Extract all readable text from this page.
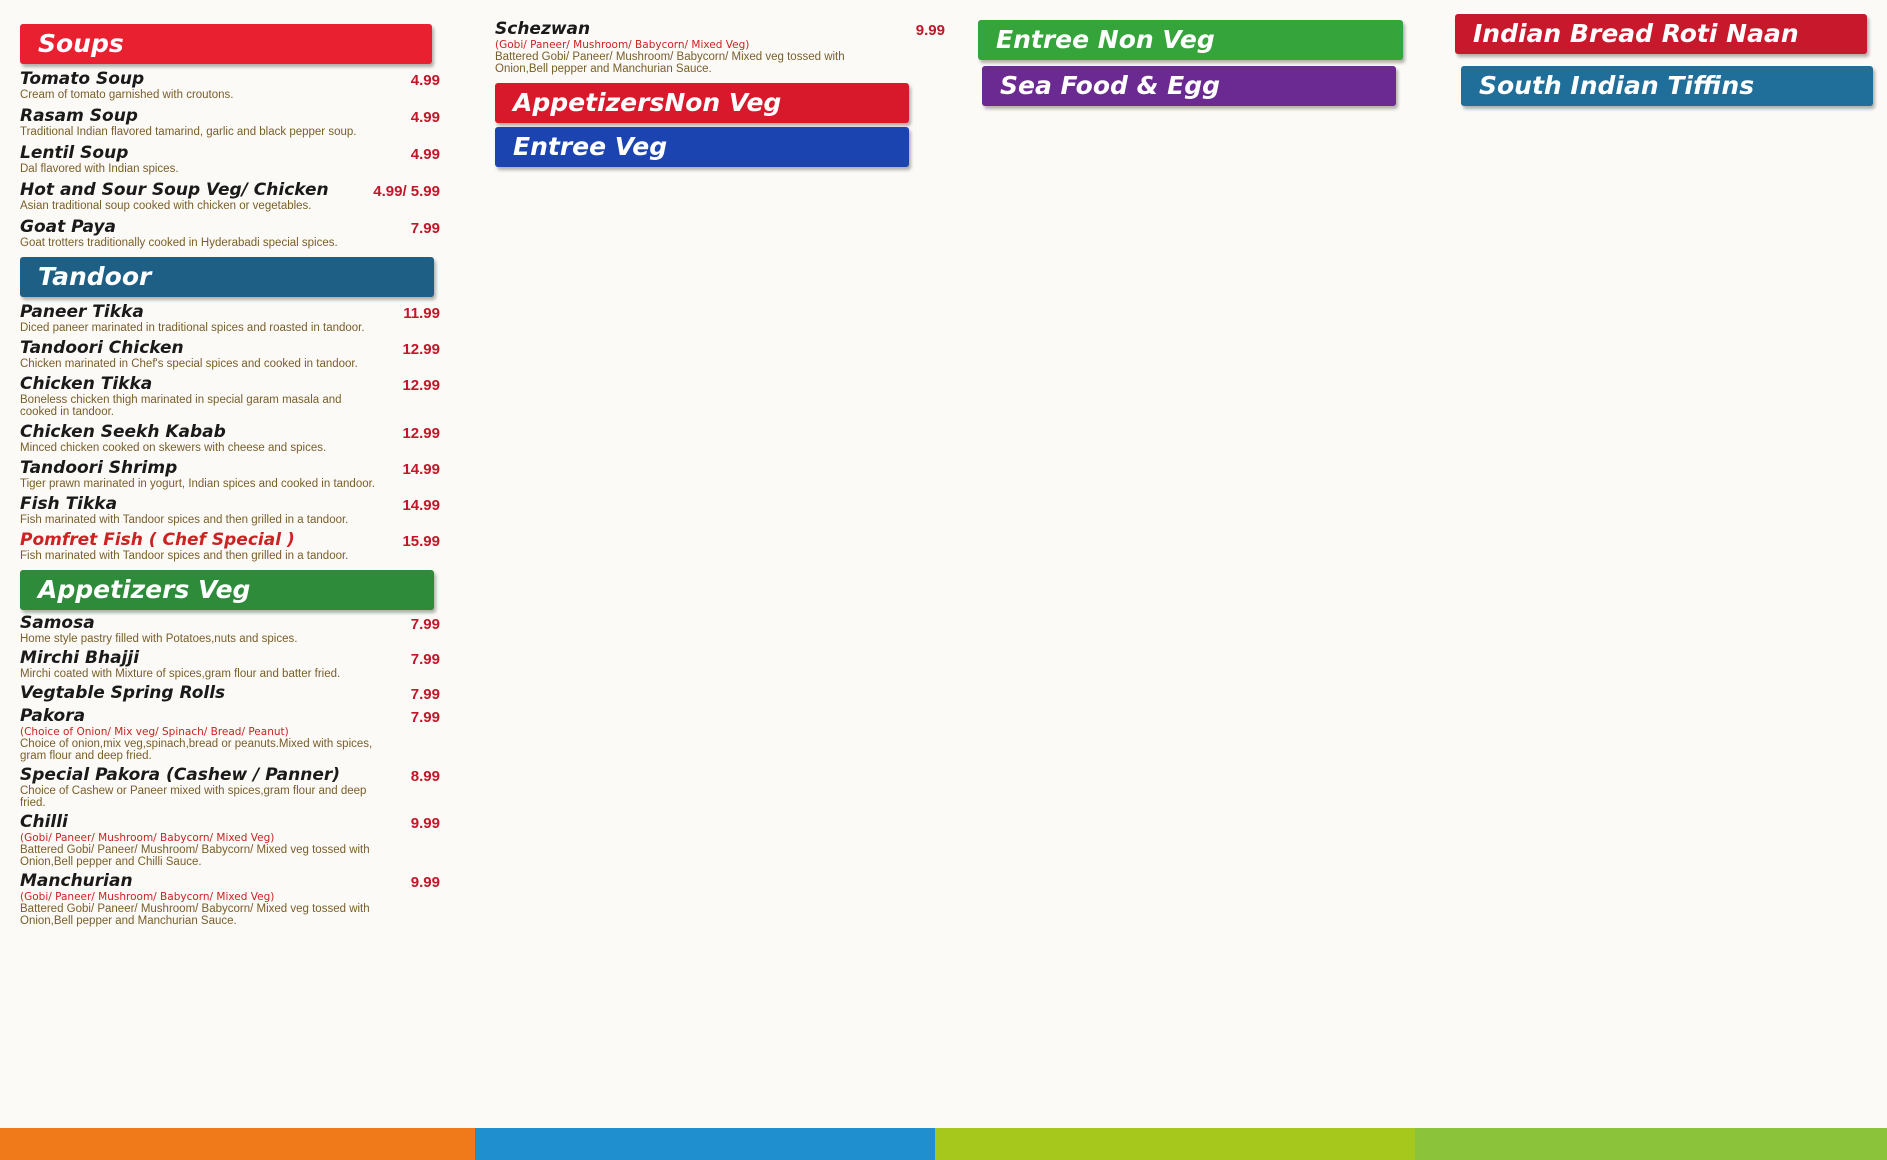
Soups
Tomato Soup
Cream of tomato garnished with croutons.
4.99
Rasam Soup
Traditional Indian flavored tamarind, garlic and black pepper soup.
4.99
Lentil Soup
Dal flavored with Indian spices.
4.99
Hot and Sour Soup Veg/ Chicken
Asian traditional soup cooked with chicken or vegetables.
4.99/ 5.99
Goat Paya
Goat trotters traditionally cooked in Hyderabadi special spices.
7.99
Tandoor
Paneer Tikka
Diced paneer marinated in traditional spices and roasted in tandoor.
11.99
Tandoori Chicken
Chicken marinated in Chef's special spices and cooked in tandoor.
12.99
Chicken Tikka
Boneless chicken thigh marinated in special garam masala and cooked in tandoor.
12.99
Chicken Seekh Kabab
Minced chicken cooked on skewers with cheese and spices.
12.99
Tandoori Shrimp
Tiger prawn marinated in yogurt, Indian spices and cooked in tandoor.
14.99
Fish Tikka
Fish marinated with Tandoor spices and then grilled in a tandoor.
14.99
Pomfret Fish ( Chef Special )
Fish marinated with Tandoor spices and then grilled in a tandoor.
15.99
Appetizers Veg
Samosa
Home style pastry filled with Potatoes,nuts and spices.
7.99
Mirchi Bhajji
Mirchi coated with Mixture of spices,gram flour and batter fried.
7.99
Vegtable Spring Rolls	7.99
Pakora
(Choice of Onion/ Mix veg/ Spinach/ Bread/ Peanut)
Choice of onion,mix veg,spinach,bread or peanuts.Mixed with spices, gram flour and deep fried.
7.99
Special Pakora (Cashew / Panner)
Choice of Cashew or Paneer mixed with spices,gram flour and deep fried.
8.99
Chilli
(Gobi/ Paneer/ Mushroom/ Babycorn/ Mixed Veg)
Battered Gobi/ Paneer/ Mushroom/ Babycorn/ Mixed veg tossed with Onion,Bell pepper and Chilli Sauce.
9.99
Manchurian
(Gobi/ Paneer/ Mushroom/ Babycorn/ Mixed Veg)
Battered Gobi/ Paneer/ Mushroom/ Babycorn/ Mixed veg tossed with Onion,Bell pepper and Manchurian Sauce.
9.99
Schezwan
(Gobi/ Paneer/ Mushroom/ Babycorn/ Mixed Veg)
Battered Gobi/ Paneer/ Mushroom/ Babycorn/ Mixed veg tossed with Onion,Bell pepper and Manchurian Sauce.
9.99
AppetizersNon Veg
Entree Veg
Entree Non Veg
Sea Food & Egg
Indian Bread Roti Naan
South Indian Tiffins
